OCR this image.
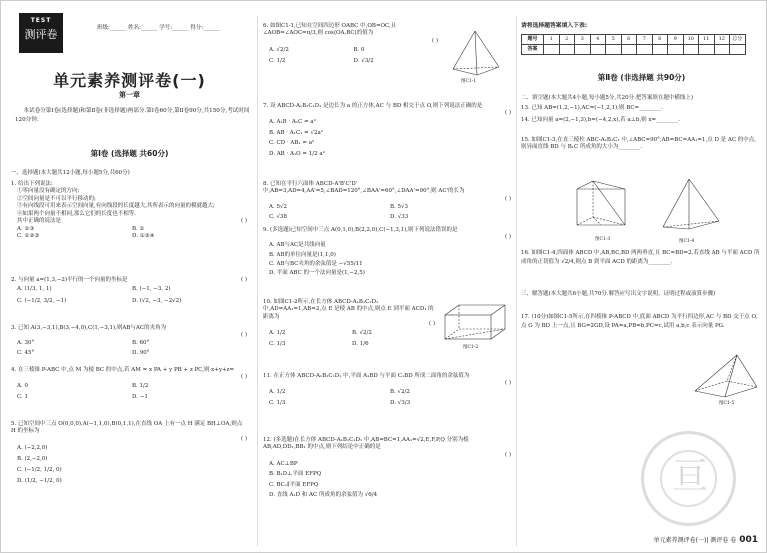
TEST
测评卷	班级:______ 姓名:______ 学号:______ 得分:______
单元素养测评卷(一)
第一章
本试卷分第Ⅰ卷(选择题)和第Ⅱ卷(非选择题)两部分.第Ⅰ卷60分,第Ⅱ卷90分,共150分,考试时间120分钟.
第Ⅰ卷 (选择题 共60分)
一、选择题(本大题共12小题,每小题5分,共60分)
1. 给出下列说法:
①零向量没有确定的方向;
②空间向量是不可以平行移动的;
③有向线段可用来表示空间向量,有向线段的长度越大,其所表示的向量的模就越大;
④如果两个向量不相同,那么它们的长度也不相等.
其中正确的说法是	( )
A. ①③	B. ①
C. ①②③	D. ①③④
2. 与向量 a=(1,3,−2)平行的一个向量的坐标是	( )
A. (1/3, 1, 1)	B. (−1, −3, 2)
C. (−1/2, 3/2, −1)	D. (√2, −3, −2√2)
3. 已知 A(3,−3,1),B(3,−4,0),C(1,−3,1),则AB与AC的夹角为
( )
A. 30°	B. 60°
C. 45°	D. 90°
4. 在三棱锥 P-ABC 中,点 M 为棱 BC 的中点,若 AM = x PA + y PB + z PC,则 x+y+z=
( )
A. 0	B. 1/2
C. 1	D. −1
5. 已知空间中三点 O(0,0,0),A(−1,1,0),B(0,1,1),在直线 OA 上有一点 H 满足 BH⊥OA,则点 H 的坐标为
( )
A. (−2,2,0)
B. (2,−2,0)
C. (−1/2, 1/2, 0)
D. (1/2, −1/2, 0)
6. 如图C1-1,已知在空间四边形 OABC 中,OB=OC,且∠AOB=∠AOC=π/3,则 cos⟨OA,BC⟩的值为
( )
A. √2/2	B. 0
C. 1/2	D. √3/2
图C1-1
7. 设 ABCD-A₁B₁C₁D₁ 是边长为 a 的正方体,AC 与 BD 相交于点 O,则下列说法正确的是
( )
A. A₁B · A₁C = a²
B. AB · A₁C₁ = √2a²
C. CD · AB₁ = a²
D. AB · A₁O = 1/2 a²
8. 已知在平行六面体 ABCD-A'B'C'D' 中,AB=3,AD=4,AA'=5,∠BAD=120°,∠BAA'=60°,∠DAA'=90°,则 AC'的长为
( )
A. 5√2	B. 5√3
C. √38	D. √33
9. (多选题)已知空间中三点 A(0,1,0),B(2,2,0),C(−1,3,1),则下列说法错误的是
( )
A. AB与AC是共线向量
B. AB的单位向量是(1,1,0)
C. AB与BC夹角的余弦值是 −√55/11
D. 平面 ABC 的一个法向量是(1,−2,5)
10. 如图C1-2所示,在长方体 ABCD-A₁B₁C₁D₁ 中,AD=AA₁=1,AB=2,点 E 是棱 AB 的中点,则点 E 到平面 ACD₁ 的距离为
( )
A. 1/2	B. √2/2
C. 1/3	D. 1/6
图C1-2
11. 在正方体 ABCD-A₁B₁C₁D₁ 中,平面 A₁BD 与平面 C₁BD 所成二面角的余弦值为
( )
A. 1/2	B. √2/2
C. 1/3	D. √3/3
12. (多选题)在长方体 ABCD-A₁B₁C₁D₁ 中,AB=BC=1,AA₁=√2,E,F,P,Q 分别为棱 AB,AD,DD₁,BB₁ 的中点,则下列结论中正确的是
( )
A. AC⊥BP
B. B₁D⊥平面 EFPQ
C. BC₁∥平面 EFPQ
D. 直线 A₁D 和 AC 所成角的余弦值为 √6/4
请将选择题答案填入下表:
题号	1	2	3	4	5	6	7	8	9	10	11	12	总分
答案													
第Ⅱ卷 (非选择题 共90分)
二、填空题(本大题共4小题,每小题5分,共20分.把答案填在题中横线上)
13. 已知 AB=(1,2,−1),AC=(−1,2,1),则 BC=________.
14. 已知向量 a=(2,−1,3),b=(−4,2,x),若 a⊥b,则 x=________.
15. 如图C1-3,在直三棱柱 ABC-A₁B₁C₁ 中,∠ABC=90°,AB=BC=AA₁=1,点 D 是 AC 的中点,则异面直线 BD 与 B₁C 所成角的大小为________.
图C1-3	图C1-4
16. 如图C1-4,四面体 ABCD 中,AB,BC,BD 两两垂直,且 BC=BD=2,若直线 AB 与平面 ACD 所成角的正切值为 √2/4,则点 B 到平面 ACD 的距离为________.
三、解答题(本大题共6小题,共70分.解答应写出文字说明、证明过程或演算步骤)
17. (10分)如图C1-5所示,在四棱锥 P-ABCD 中,底面 ABCD 为平行四边形,AC 与 BD 交于点 O,点 G 为 BD 上一点,且 BG=2GD,设 PA=a,PB=b,PC=c,试用 a,b,c 表示向量 PG.
图C1-5
亘
单元素养测评卷(一)| 测评卷 卷 001
